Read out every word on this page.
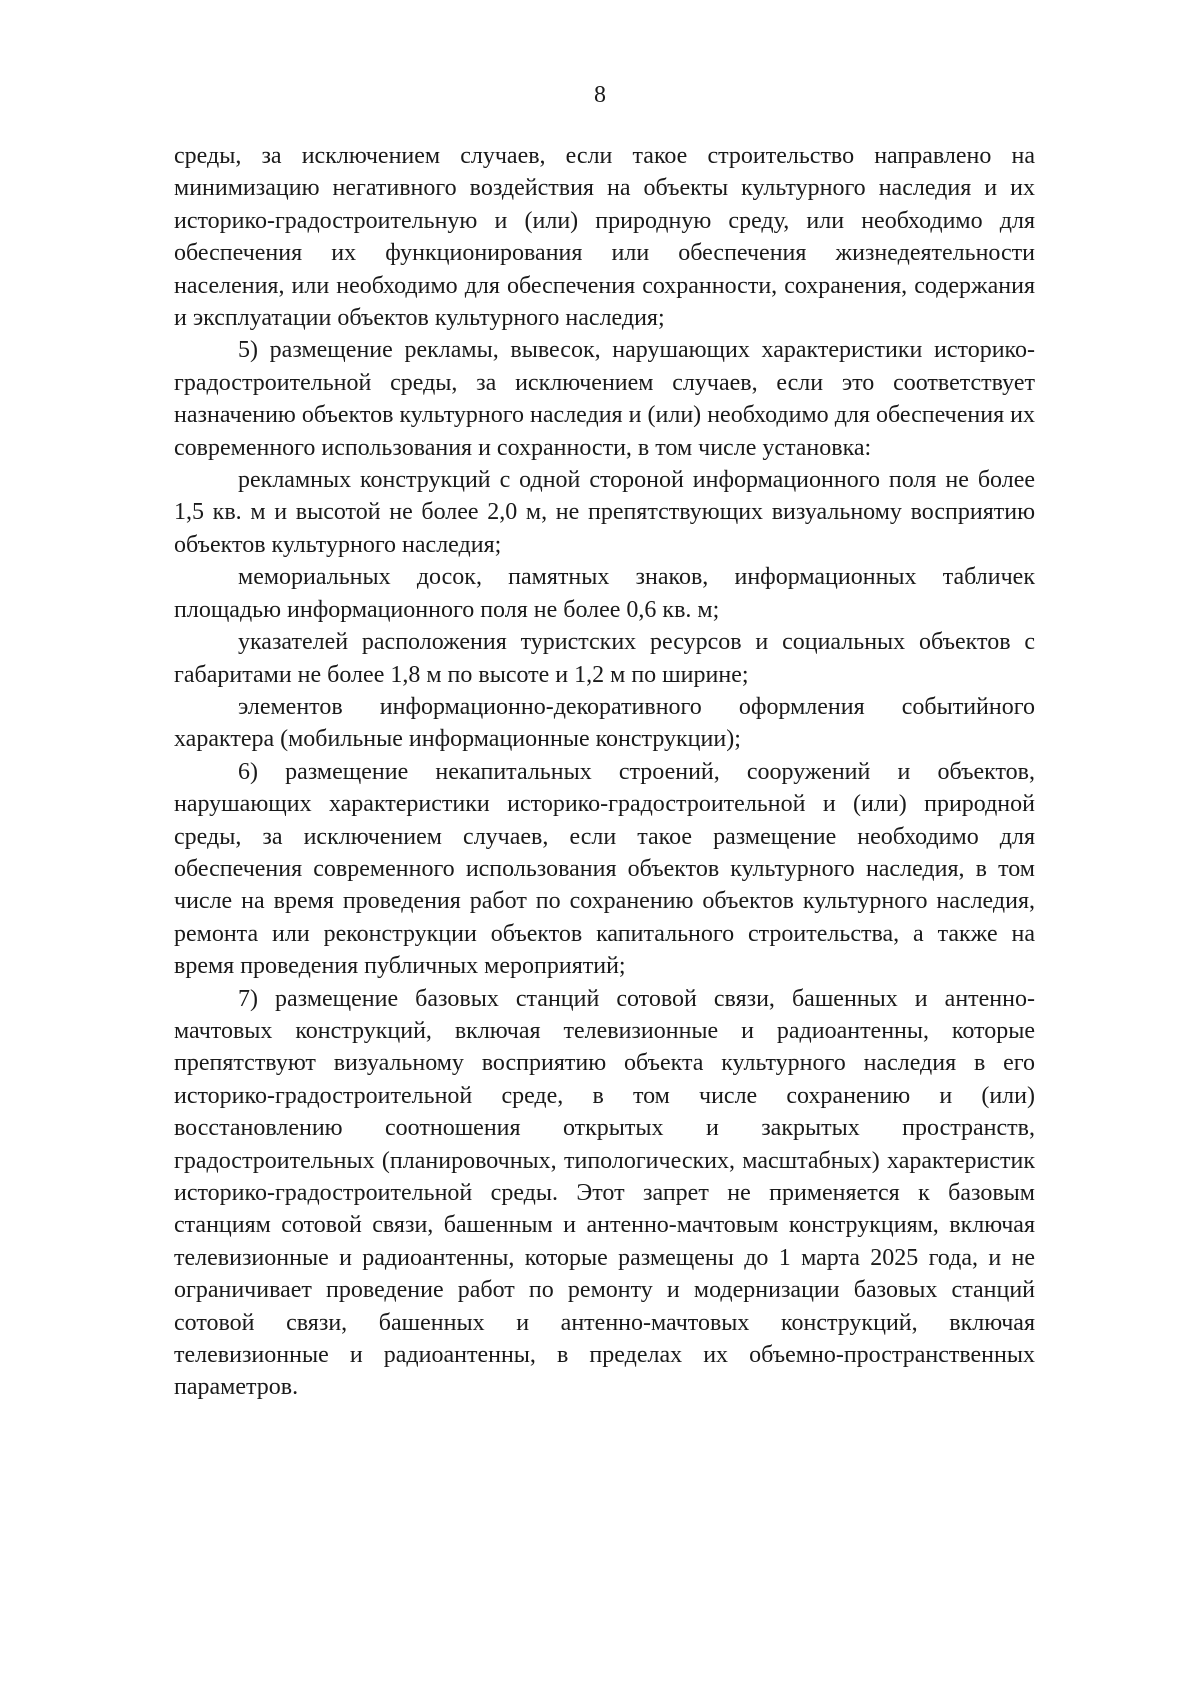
8

среды, за исключением случаев, если такое строительство направлено на минимизацию негативного воздействия на объекты культурного наследия и их историко-градостроительную и (или) природную среду, или необходимо для обеспечения их функционирования или обеспечения жизнедеятельности населения, или необходимо для обеспечения сохранности, сохранения, содержания и эксплуатации объектов культурного наследия;

5) размещение рекламы, вывесок, нарушающих характеристики историко-градостроительной среды, за исключением случаев, если это соответствует назначению объектов культурного наследия и (или) необходимо для обеспечения их современного использования и сохранности, в том числе установка:

рекламных конструкций с одной стороной информационного поля не более 1,5 кв. м и высотой не более 2,0 м, не препятствующих визуальному восприятию объектов культурного наследия;

мемориальных досок, памятных знаков, информационных табличек площадью информационного поля не более 0,6 кв. м;

указателей расположения туристских ресурсов и социальных объектов с габаритами не более 1,8 м по высоте и 1,2 м по ширине;

элементов информационно-декоративного оформления событийного характера (мобильные информационные конструкции);

6) размещение некапитальных строений, сооружений и объектов, нарушающих характеристики историко-градостроительной и (или) природной среды, за исключением случаев, если такое размещение необходимо для обеспечения современного использования объектов культурного наследия, в том числе на время проведения работ по сохранению объектов культурного наследия, ремонта или реконструкции объектов капитального строительства, а также на время проведения публичных мероприятий;

7) размещение базовых станций сотовой связи, башенных и антенно-мачтовых конструкций, включая телевизионные и радиоантенны, которые препятствуют визуальному восприятию объекта культурного наследия в его историко-градостроительной среде, в том числе сохранению и (или) восстановлению соотношения открытых и закрытых пространств, градостроительных (планировочных, типологических, масштабных) характеристик историко-градостроительной среды. Этот запрет не применяется к базовым станциям сотовой связи, башенным и антенно-мачтовым конструкциям, включая телевизионные и радиоантенны, которые размещены до 1 марта 2025 года, и не ограничивает проведение работ по ремонту и модернизации базовых станций сотовой связи, башенных и антенно-мачтовых конструкций, включая телевизионные и радиоантенны, в пределах их объемно-пространственных параметров.
